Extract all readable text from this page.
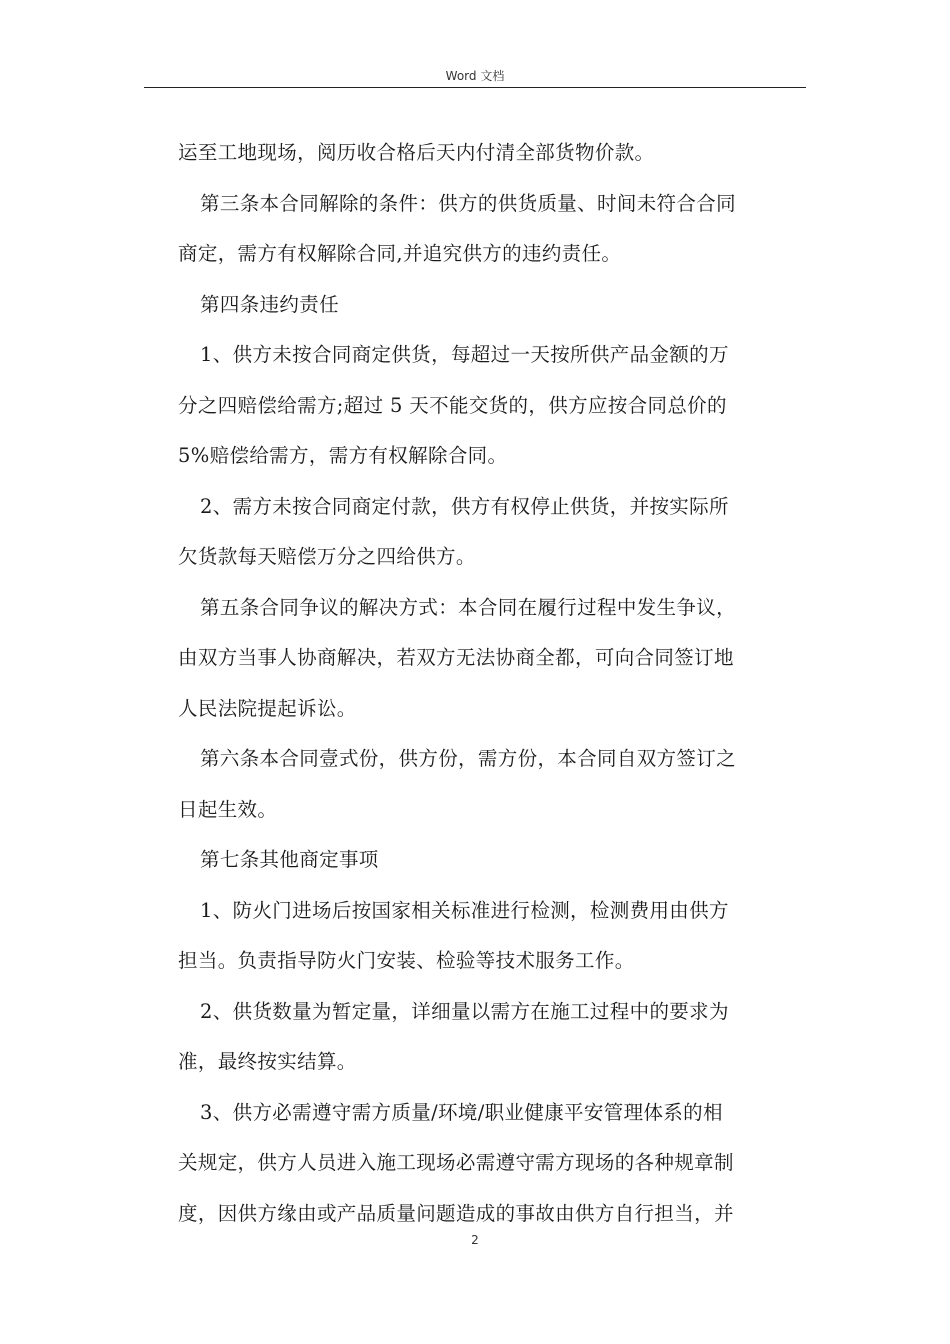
Word 文档
运至工地现场，阅历收合格后天内付清全部货物价款。
第三条本合同解除的条件：供方的供货质量、时间未符合合同
商定，需方有权解除合同,并追究供方的违约责任。
第四条违约责任
1、供方未按合同商定供货，每超过一天按所供产品金额的万
分之四赔偿给需方;超过 5 天不能交货的，供方应按合同总价的
5%赔偿给需方，需方有权解除合同。
2、需方未按合同商定付款，供方有权停止供货，并按实际所
欠货款每天赔偿万分之四给供方。
第五条合同争议的解决方式：本合同在履行过程中发生争议，
由双方当事人协商解决，若双方无法协商全都，可向合同签订地
人民法院提起诉讼。
第六条本合同壹式份，供方份，需方份，本合同自双方签订之
日起生效。
第七条其他商定事项
1、防火门进场后按国家相关标准进行检测，检测费用由供方
担当。负责指导防火门安装、检验等技术服务工作。
2、供货数量为暂定量，详细量以需方在施工过程中的要求为
准，最终按实结算。
3、供方必需遵守需方质量/环境/职业健康平安管理体系的相
关规定，供方人员进入施工现场必需遵守需方现场的各种规章制
度，因供方缘由或产品质量问题造成的事故由供方自行担当，并
2
